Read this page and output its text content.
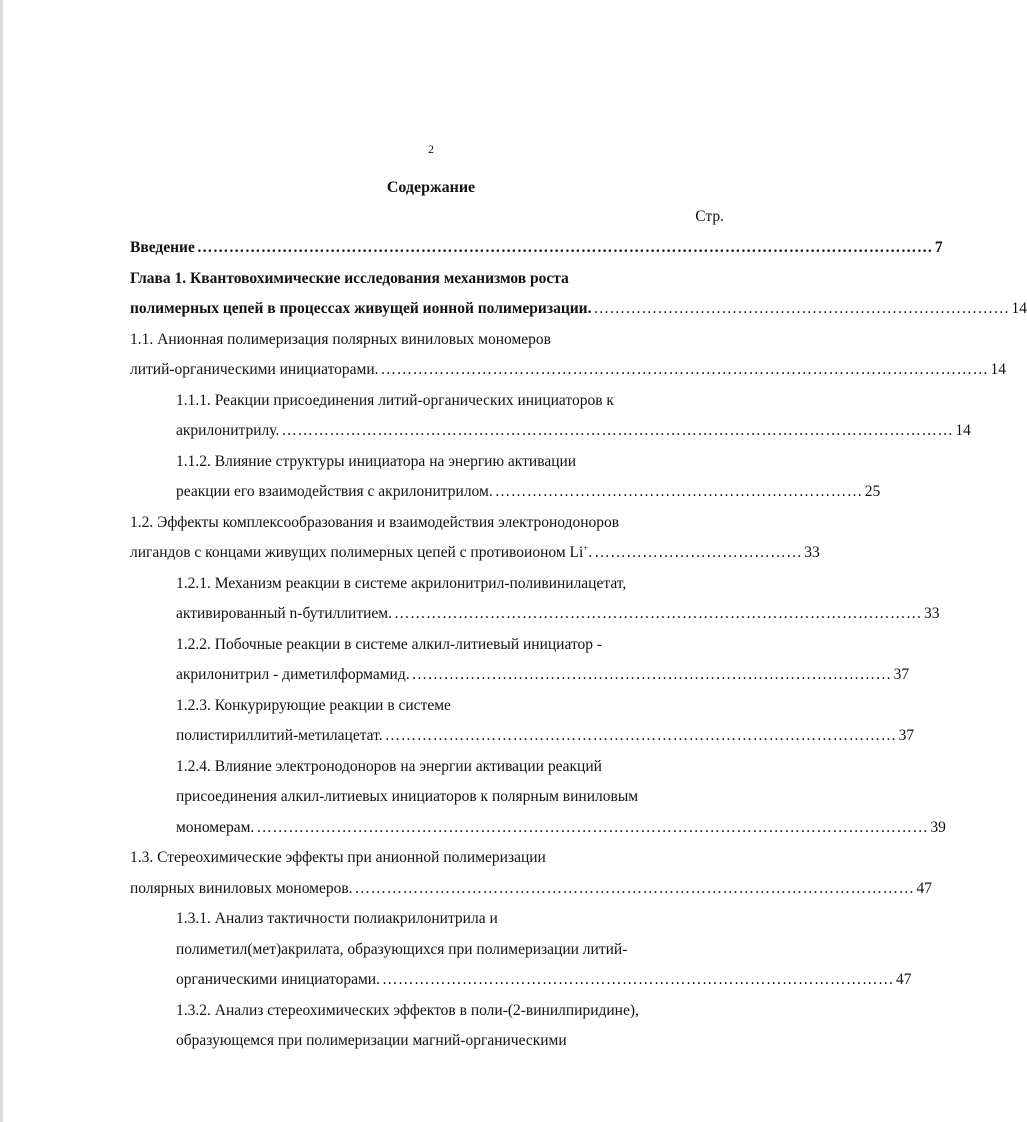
2
Содержание
Стр.
Введение ………………………………………………………………………………………………………………………… 7
Глава 1. Квантовохимические исследования механизмов роста
полимерных цепей в процессах живущей ионной полимеризации. …………………………………………………………………… 14
1.1. Анионная полимеризация полярных виниловых мономеров
литий-органическими инициаторами. …………………………………………………………………………………………………… 14
1.1.1. Реакции присоединения литий-органических инициаторов к
акрилонитрилу. ……………………………………………………………………………………………………………… 14
1.1.2. Влияние структуры инициатора на энергию активации
реакции его взаимодействия с акрилонитрилом. …………………………………………………………… 25
1.2. Эффекты комплексообразования и взаимодействия электронодоноров
лигандов с концами живущих полимерных цепей с противоионом Li+. ………………………………… 33
1.2.1. Механизм реакции в системе акрилонитрил-поливинилацетат,
активированный n-бутиллитием. ……………………………………………………………………………………… 33
1.2.2. Побочные реакции в системе алкил-литиевый инициатор -
акрилонитрил - диметилформамид. ……………………………………………………………………………… 37
1.2.3. Конкурирующие реакции в системе
полистириллитий-метилацетат. …………………………………………………………………………………… 37
1.2.4. Влияние электронодоноров на энергии активации реакций
присоединения алкил-литиевых инициаторов к полярным виниловым
мономерам. ……………………………………………………………………………………………………………… 39
1.3. Стереохимические эффекты при анионной полимеризации
полярных виниловых мономеров. …………………………………………………………………………………………… 47
1.3.1. Анализ тактичности полиакрилонитрила и
полиметил(мет)акрилата, образующихся при полимеризации литий-
органическими инициаторами. …………………………………………………………………………………… 47
1.3.2. Анализ стереохимических эффектов в поли-(2-винилпиридине),
образующемся при полимеризации магний-органическими
